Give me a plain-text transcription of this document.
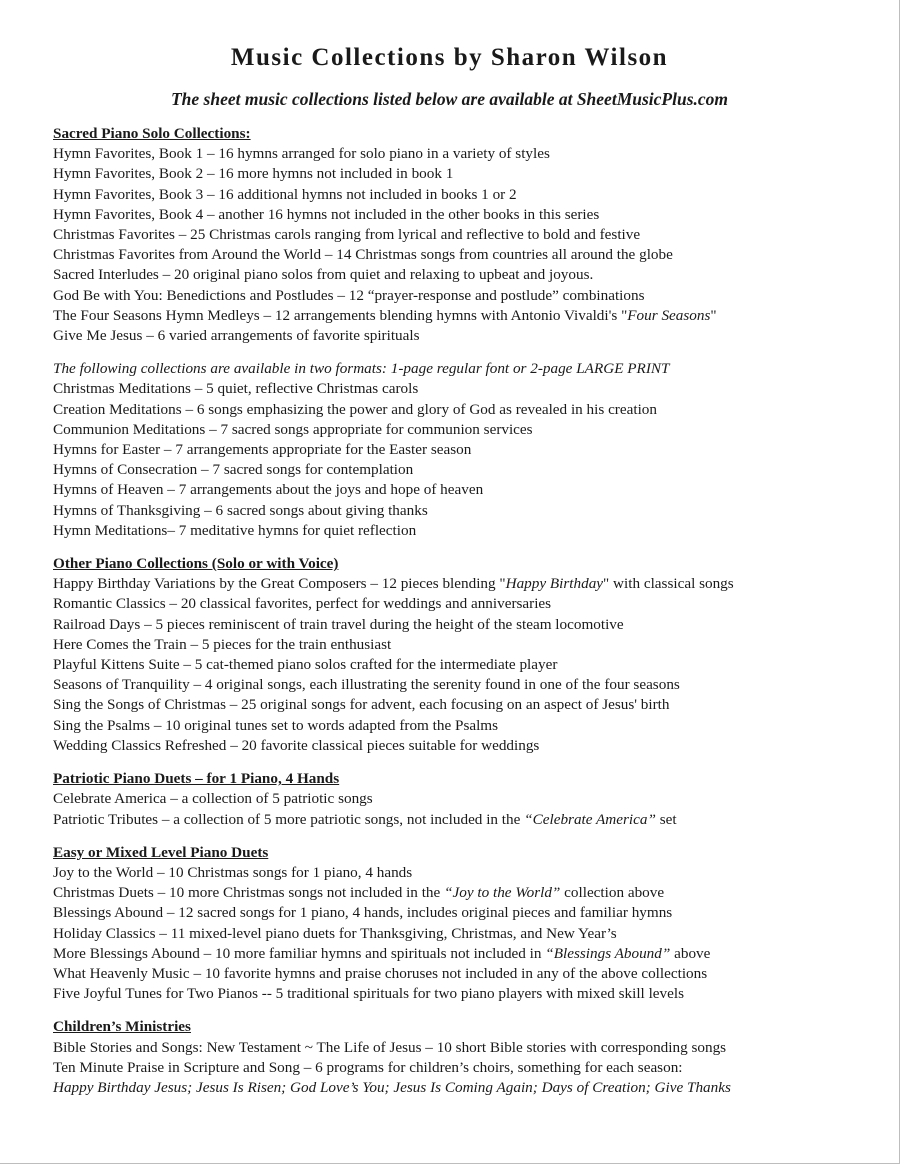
Music Collections by Sharon Wilson
The sheet music collections listed below are available at SheetMusicPlus.com
Sacred Piano Solo Collections:
Hymn Favorites, Book 1 – 16 hymns arranged for solo piano in a variety of styles
Hymn Favorites, Book 2 – 16 more hymns not included in book 1
Hymn Favorites, Book 3 – 16 additional hymns not included in books 1 or 2
Hymn Favorites, Book 4 – another 16 hymns not included in the other books in this series
Christmas Favorites – 25 Christmas carols ranging from lyrical and reflective to bold and festive
Christmas Favorites from Around the World – 14 Christmas songs from countries all around the globe
Sacred Interludes – 20 original piano solos from quiet and relaxing to upbeat and joyous.
God Be with You: Benedictions and Postludes – 12 “prayer-response and postlude” combinations
The Four Seasons Hymn Medleys – 12 arrangements blending hymns with Antonio Vivaldi's "Four Seasons"
Give Me Jesus – 6 varied arrangements of favorite spirituals
The following collections are available in two formats: 1-page regular font or 2-page LARGE PRINT
Christmas Meditations – 5 quiet, reflective Christmas carols
Creation Meditations – 6 songs emphasizing the power and glory of God as revealed in his creation
Communion Meditations – 7 sacred songs appropriate for communion services
Hymns for Easter – 7 arrangements appropriate for the Easter season
Hymns of Consecration – 7 sacred songs for contemplation
Hymns of Heaven – 7 arrangements about the joys and hope of heaven
Hymns of Thanksgiving – 6 sacred songs about giving thanks
Hymn Meditations– 7 meditative hymns for quiet reflection
Other Piano Collections (Solo or with Voice)
Happy Birthday Variations by the Great Composers – 12 pieces blending "Happy Birthday" with classical songs
Romantic Classics – 20 classical favorites, perfect for weddings and anniversaries
Railroad Days – 5 pieces reminiscent of train travel during the height of the steam locomotive
Here Comes the Train – 5 pieces for the train enthusiast
Playful Kittens Suite – 5 cat-themed piano solos crafted for the intermediate player
Seasons of Tranquility – 4 original songs, each illustrating the serenity found in one of the four seasons
Sing the Songs of Christmas – 25 original songs for advent, each focusing on an aspect of Jesus' birth
Sing the Psalms – 10 original tunes set to words adapted from the Psalms
Wedding Classics Refreshed – 20 favorite classical pieces suitable for weddings
Patriotic Piano Duets – for 1 Piano, 4 Hands
Celebrate America – a collection of 5 patriotic songs
Patriotic Tributes – a collection of 5 more patriotic songs, not included in the “Celebrate America” set
Easy or Mixed Level Piano Duets
Joy to the World – 10 Christmas songs for 1 piano, 4 hands
Christmas Duets – 10 more Christmas songs not included in the “Joy to the World” collection above
Blessings Abound – 12 sacred songs for 1 piano, 4 hands, includes original pieces and familiar hymns
Holiday Classics – 11 mixed-level piano duets for Thanksgiving, Christmas, and New Year’s
More Blessings Abound – 10 more familiar hymns and spirituals not included in “Blessings Abound” above
What Heavenly Music – 10 favorite hymns and praise choruses not included in any of the above collections
Five Joyful Tunes for Two Pianos -- 5 traditional spirituals for two piano players with mixed skill levels
Children’s Ministries
Bible Stories and Songs: New Testament ~ The Life of Jesus – 10 short Bible stories with corresponding songs
Ten Minute Praise in Scripture and Song – 6 programs for children’s choirs, something for each season:
Happy Birthday Jesus; Jesus Is Risen; God Love’s You; Jesus Is Coming Again; Days of Creation; Give Thanks
